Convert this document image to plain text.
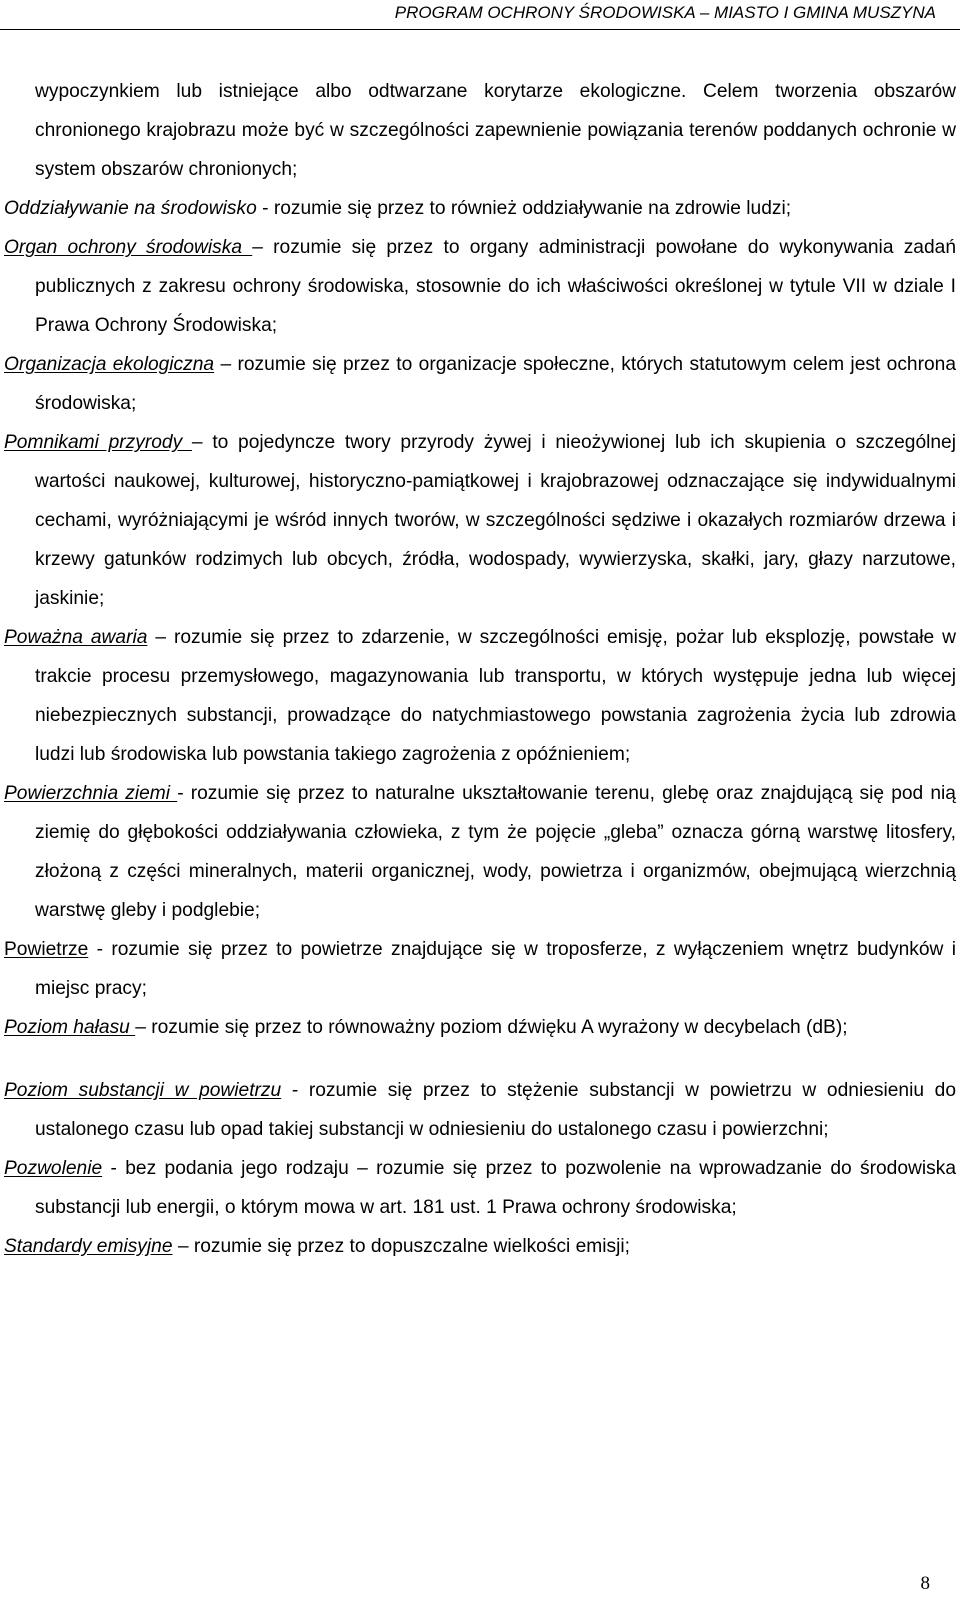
PROGRAM OCHRONY ŚRODOWISKA – MIASTO I GMINA MUSZYNA

wypoczynkiem lub istniejące albo odtwarzane korytarze ekologiczne. Celem tworzenia obszarów chronionego krajobrazu może być w szczególności zapewnienie powiązania terenów poddanych ochronie w system obszarów chronionych;

Oddziaływanie na środowisko - rozumie się przez to również oddziaływanie na zdrowie ludzi;

Organ ochrony środowiska – rozumie się przez to organy administracji powołane do wykonywania zadań publicznych z zakresu ochrony środowiska, stosownie do ich właściwości określonej w tytule VII w dziale I Prawa Ochrony Środowiska;

Organizacja ekologiczna – rozumie się przez to organizacje społeczne, których statutowym celem jest ochrona środowiska;

Pomnikami przyrody – to pojedyncze twory przyrody żywej i nieożywionej lub ich skupienia o szczególnej wartości naukowej, kulturowej, historyczno-pamiątkowej i krajobrazowej odznaczające się indywidualnymi cechami, wyróżniającymi je wśród innych tworów, w szczególności sędziwe i okazałych rozmiarów drzewa i krzewy gatunków rodzimych lub obcych, źródła, wodospady, wywierzyska, skałki, jary, głazy narzutowe, jaskinie;

Poważna awaria – rozumie się przez to zdarzenie, w szczególności emisję, pożar lub eksplozję, powstałe w trakcie procesu przemysłowego, magazynowania lub transportu, w których występuje jedna lub więcej niebezpiecznych substancji, prowadzące do natychmiastowego powstania zagrożenia życia lub zdrowia ludzi lub środowiska lub powstania takiego zagrożenia z opóźnieniem;

Powierzchnia ziemi - rozumie się przez to naturalne ukształtowanie terenu, glebę oraz znajdującą się pod nią ziemię do głębokości oddziaływania człowieka, z tym że pojęcie „gleba” oznacza górną warstwę litosfery, złożoną z części mineralnych, materii organicznej, wody, powietrza i organizmów, obejmującą wierzchnią warstwę gleby i podglebie;

Powietrze - rozumie się przez to powietrze znajdujące się w troposferze, z wyłączeniem wnętrz budynków i miejsc pracy;

Poziom hałasu – rozumie się przez to równoważny poziom dźwięku A wyrażony w decybelach (dB);

Poziom substancji w powietrzu - rozumie się przez to stężenie substancji w powietrzu w odniesieniu do ustalonego czasu lub opad takiej substancji w odniesieniu do ustalonego czasu i powierzchni;

Pozwolenie - bez podania jego rodzaju – rozumie się przez to pozwolenie na wprowadzanie do środowiska substancji lub energii, o którym mowa w art. 181 ust. 1 Prawa ochrony środowiska;

Standardy emisyjne – rozumie się przez to dopuszczalne wielkości emisji;

8
